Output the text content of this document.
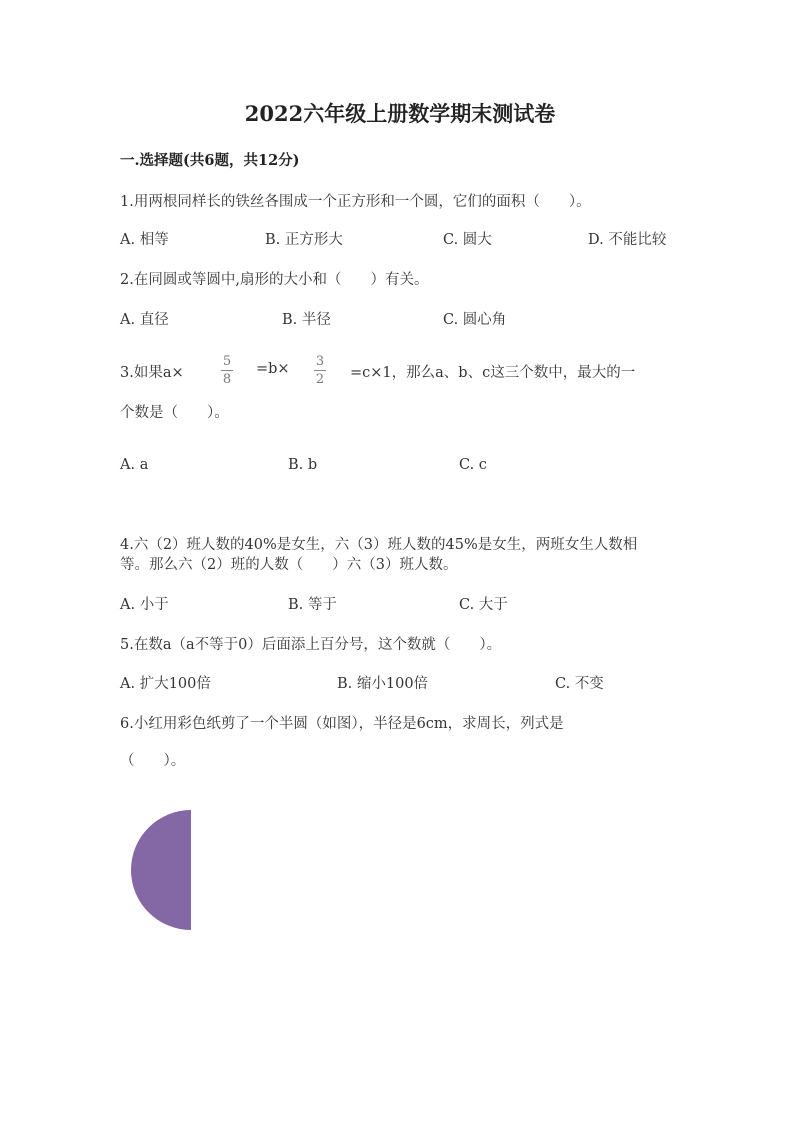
2022六年级上册数学期末测试卷
一.选择题(共6题，共12分)
1.用两根同样长的铁丝各围成一个正方形和一个圆，它们的面积（　　）。
A. 相等	B. 正方形大	C. 圆大	D. 不能比较
2.在同圆或等圆中,扇形的大小和（　　）有关。
A. 直径	B. 半径	C. 圆心角
3.如果a×
5
8
=b× 3
2 =c×1，那么a、b、c这三个数中，最大的一
个数是（　　）。
A. a	B. b	C. c
4.六（2）班人数的40%是女生，六（3）班人数的45%是女生，两班女生人数相
等。那么六（2）班的人数（　　）六（3）班人数。
A. 小于	B. 等于	C. 大于
5.在数a（a不等于0）后面添上百分号，这个数就（　　）。
A. 扩大100倍	B. 缩小100倍	C. 不变
6.小红用彩色纸剪了一个半圆（如图），半径是6cm，求周长，列式是
（　　）。
